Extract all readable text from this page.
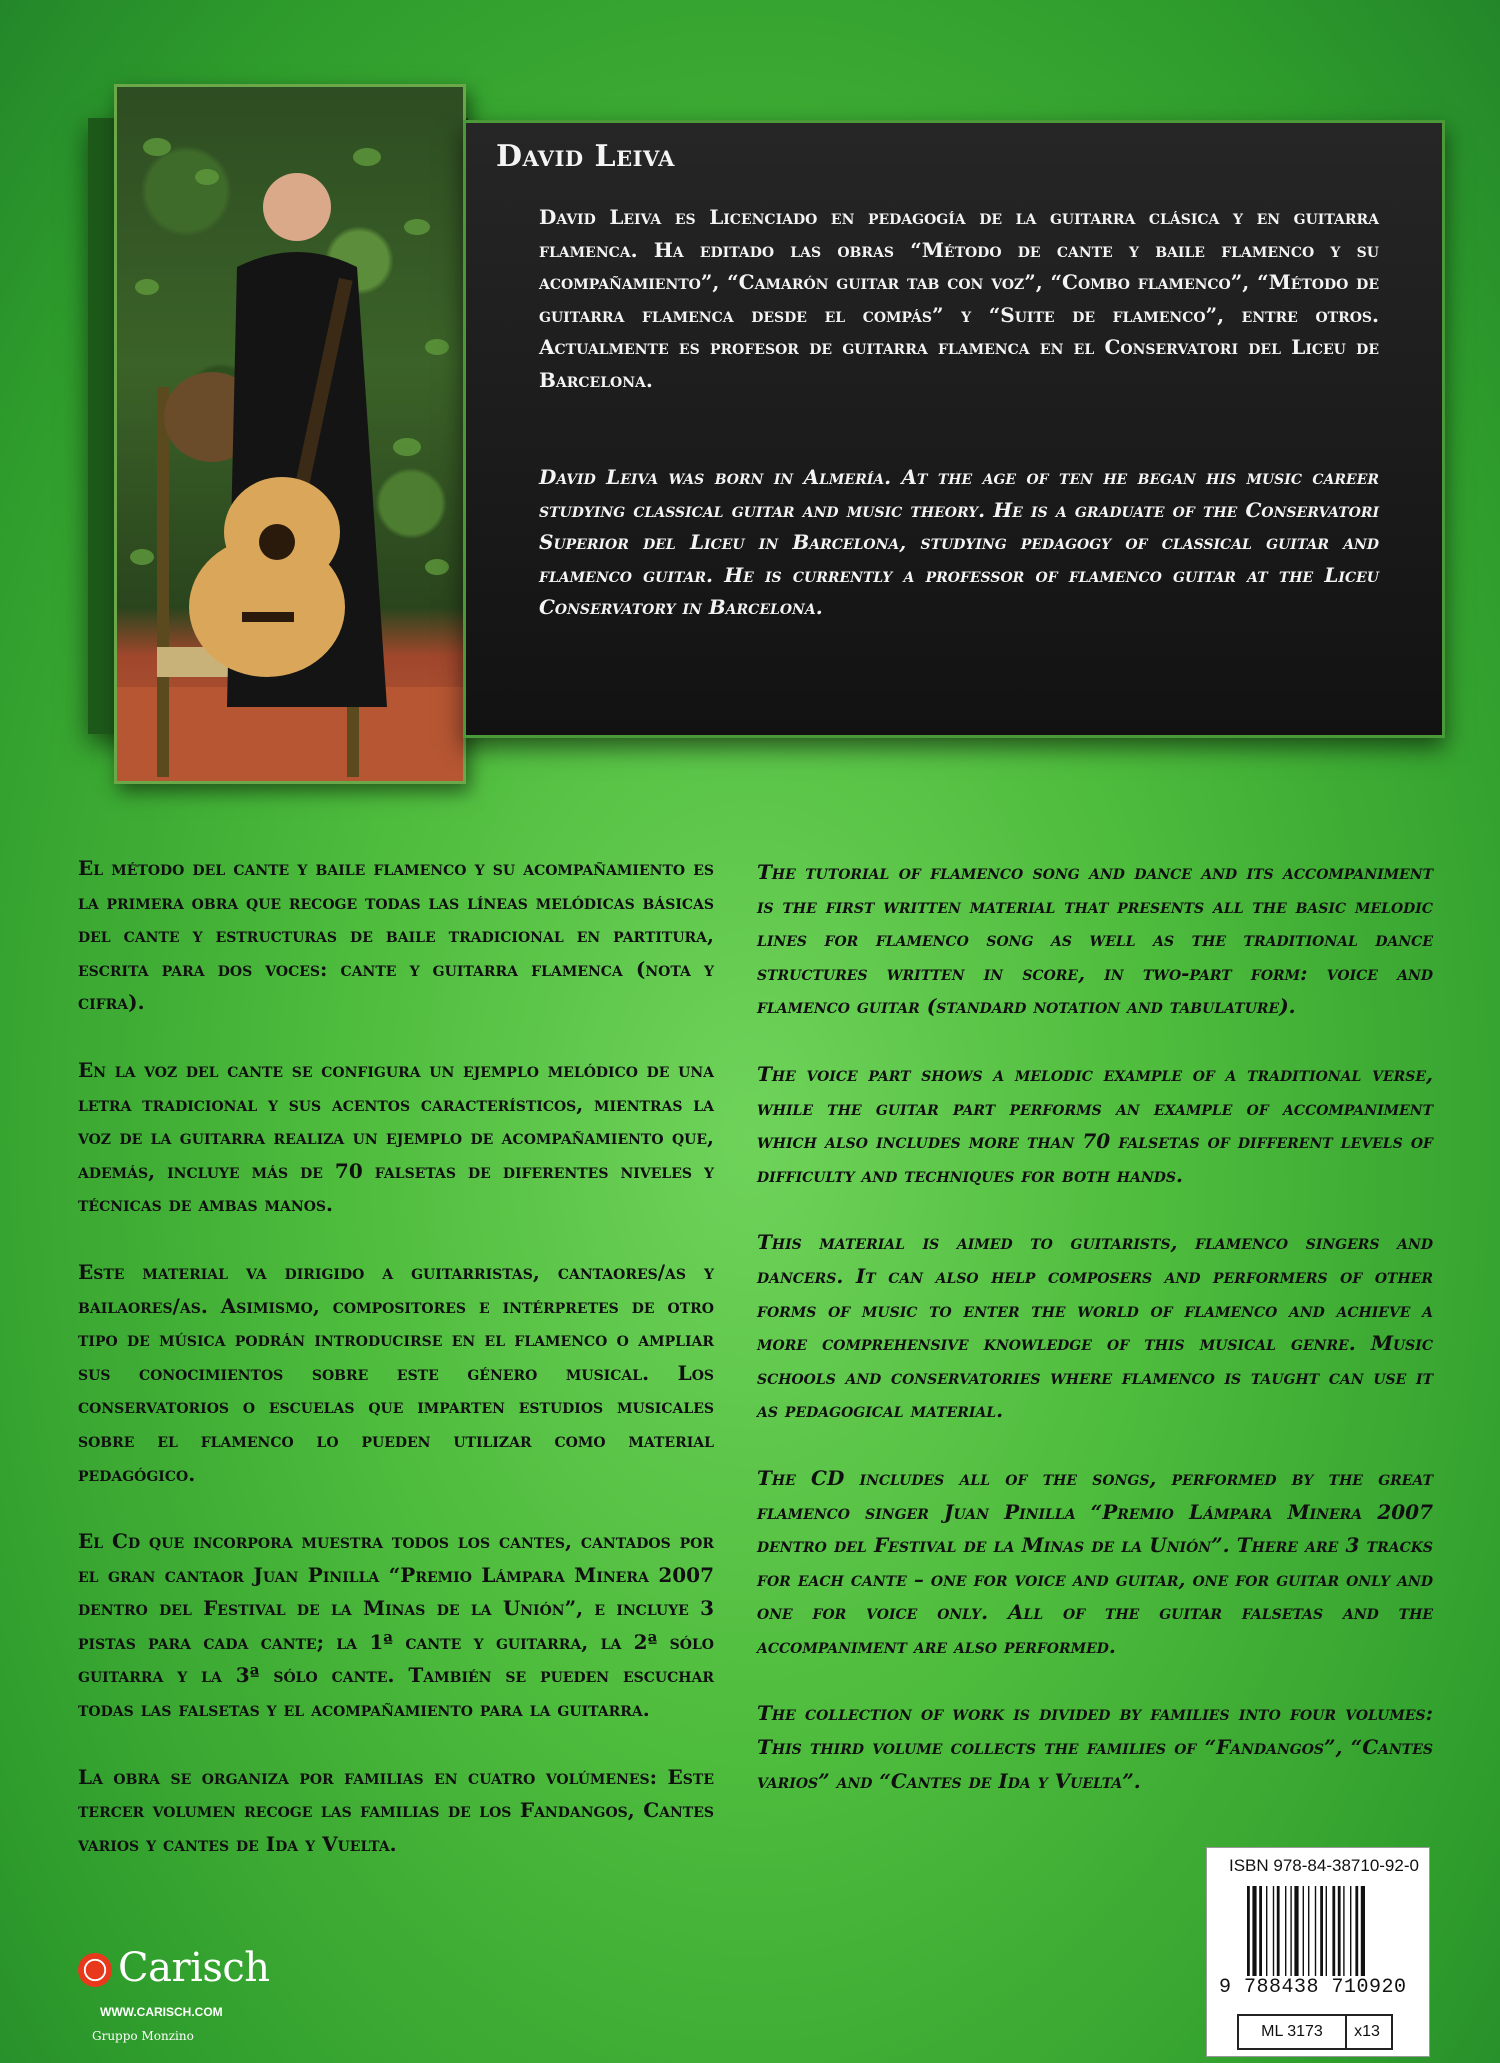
David Leiva
David Leiva es Licenciado en pedagogía de la guitarra clásica y en guitarra flamenca. Ha editado las obras “Método de cante y baile flamenco y su acompañamiento”, “Camarón guitar tab con voz”, “Combo flamenco”, “Método de guitarra flamenca desde el compás” y “Suite de flamenco”, entre otros. Actualmente es profesor de guitarra flamenca en el Conservatori del Liceu de Barcelona.
David Leiva was born in Almería. At the age of ten he began his music career studying classical guitar and music theory. He is a graduate of the Conservatori Superior del Liceu in Barcelona, studying pedagogy of classical guitar and flamenco guitar. He is currently a professor of flamenco guitar at the Liceu Conservatory in Barcelona.

El método del cante y baile flamenco y su acompañamiento es la primera obra que recoge todas las líneas melódicas básicas del cante y estructuras de baile tradicional en partitura, escrita para dos voces: cante y guitarra flamenca (nota y cifra).

En la voz del cante se configura un ejemplo melódico de una letra tradicional y sus acentos característicos, mientras la voz de la guitarra realiza un ejemplo de acompañamiento que, además, incluye más de 70 falsetas de diferentes niveles y técnicas de ambas manos.

Este material va dirigido a guitarristas, cantaores/as y bailaores/as. Asimismo, compositores e intérpretes de otro tipo de música podrán introducirse en el flamenco o ampliar sus conocimientos sobre este género musical. Los conservatorios o escuelas que imparten estudios musicales sobre el flamenco lo pueden utilizar como material pedagógico.

El Cd que incorpora muestra todos los cantes, cantados por el gran cantaor Juan Pinilla “Premio Lámpara Minera 2007 dentro del Festival de la Minas de la Unión”, e incluye 3 pistas para cada cante; la 1ª cante y guitarra, la 2ª sólo guitarra y la 3ª sólo cante. También se pueden escuchar todas las falsetas y el acompañamiento para la guitarra.

La obra se organiza por familias en cuatro volúmenes: Este tercer volumen recoge las familias de los Fandangos, Cantes varios y cantes de Ida y Vuelta.

The tutorial of flamenco song and dance and its accompaniment is the first written material that presents all the basic melodic lines for flamenco song as well as the traditional dance structures written in score, in two-part form: voice and flamenco guitar (standard notation and tabulature).

The voice part shows a melodic example of a traditional verse, while the guitar part performs an example of accompaniment which also includes more than 70 falsetas of different levels of difficulty and techniques for both hands.

This material is aimed to guitarists, flamenco singers and dancers. It can also help composers and performers of other forms of music to enter the world of flamenco and achieve a more comprehensive knowledge of this musical genre. Music schools and conservatories where flamenco is taught can use it as pedagogical material.

The CD includes all of the songs, performed by the great flamenco singer Juan Pinilla “Premio Lámpara Minera 2007 dentro del Festival de la Minas de la Unión”. There are 3 tracks for each cante – one for voice and guitar, one for guitar only and one for voice only. All of the guitar falsetas and the accompaniment are also performed.

The collection of work is divided by families into four volumes: This third volume collects the families of “Fandangos”, “Cantes varios” and “Cantes de Ida y Vuelta”.

Carisch
WWW.CARISCH.COM
Gruppo Monzino
ISBN 978-84-38710-92-0
9 788438 710920
ML 3173	x13
